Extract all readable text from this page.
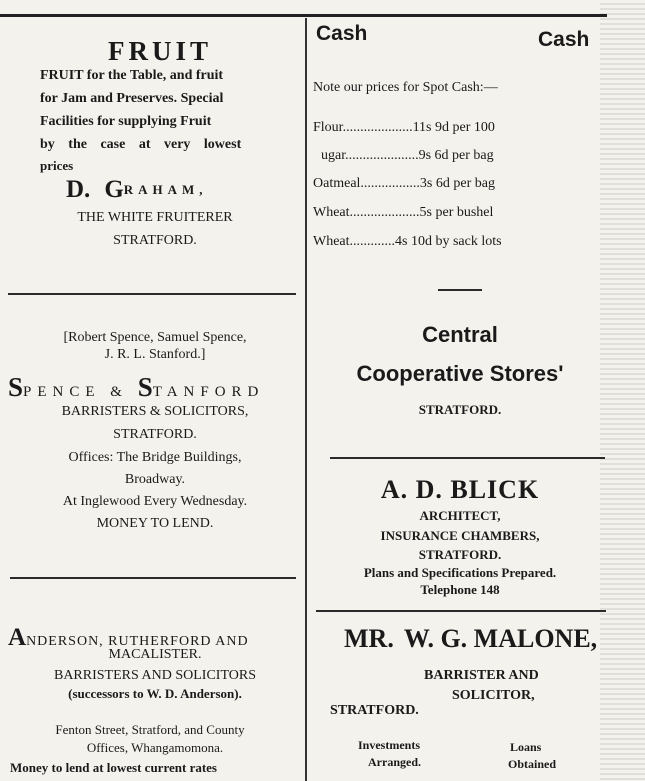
FRUIT
FRUIT for the Table, and fruit
for Jam and Preserves. Special
Facilities for supplying Fruit
by the case at very lowest
prices
D. $G^{RAHAM,}$
THE WHITE FRUITERER
STRATFORD.
[Robert Spence, Samuel Spence,
J. R. L. Stanford.]
SPENCE & STANFORD
BARRISTERS & SOLICITORS,
STRATFORD.
Offices: The Bridge Buildings,
Broadway.
At Inglewood Every Wednesday.
MONEY TO LEND.
ANDERSON, RUTHERFORD AND
MACALISTER.
BARRISTERS AND SOLICITORS
(successors to W. D. Anderson).
Fenton Street, Stratford, and County
Offices, Whangamomona.
Money to lend at lowest current rates
Cash	Cash
Note our prices for Spot Cash:—
Flour....................11s 9d per 100
ugar.....................9s 6d per bag
Oatmeal.................3s 6d per bag
Wheat....................5s per bushel
Wheat.............4s 10d by sack lots
Central
Cooperative Stores'
STRATFORD.
A. D. BLICK
ARCHITECT,
INSURANCE CHAMBERS,
STRATFORD.
Plans and Specifications Prepared.
Telephone 148
MR. W. G. MALONE,
BARRISTER AND
SOLICITOR,
STRATFORD.
Investments
Arranged.
Loans
Obtained
